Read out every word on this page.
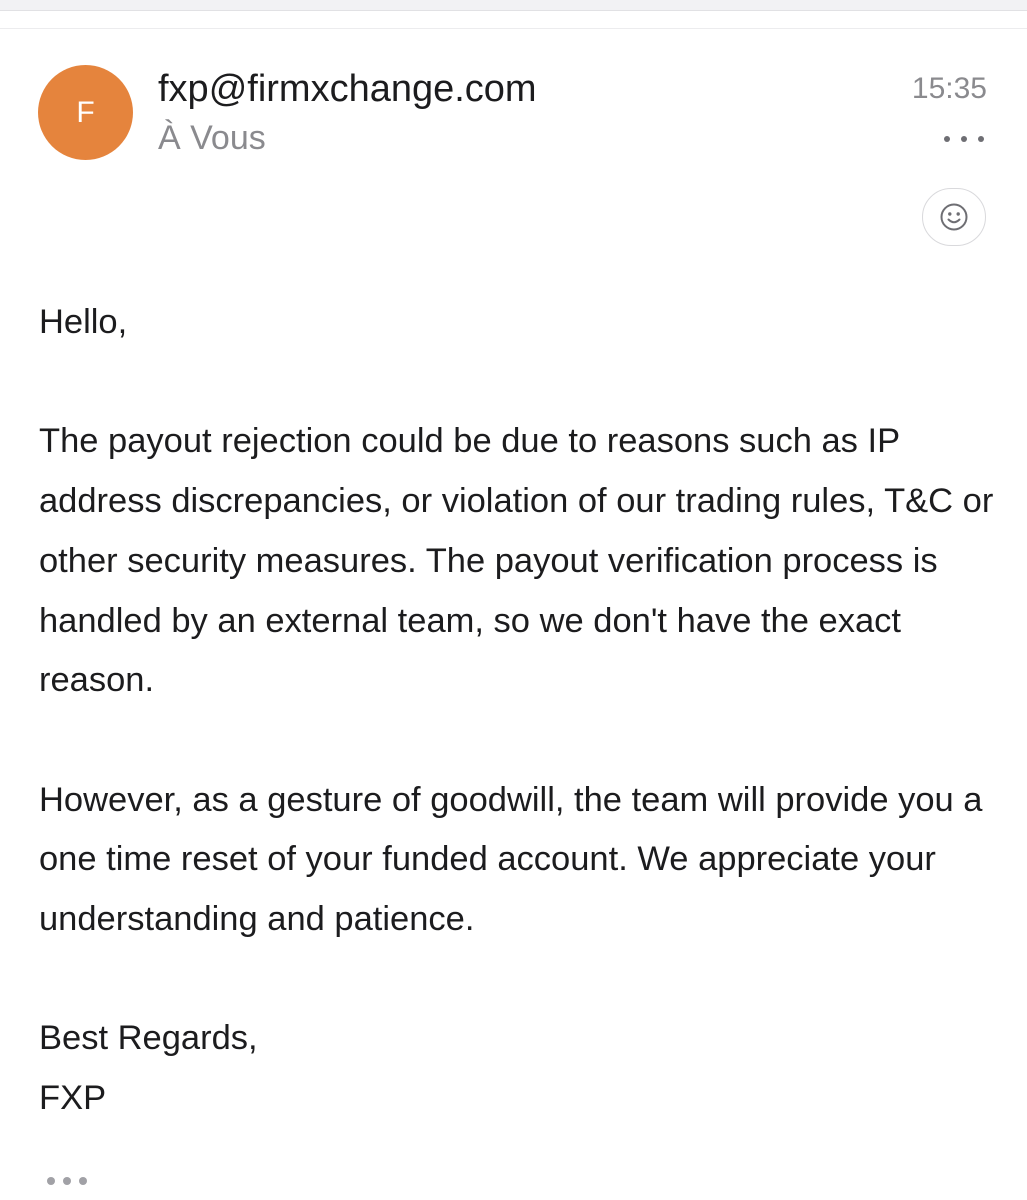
F
fxp@firmxchange.com
À Vous
15:35

Hello,

The payout rejection could be due to reasons such as IP address discrepancies, or violation of our trading rules, T&C or other security measures. The payout verification process is handled by an external team, so we don't have the exact reason.

However, as a gesture of goodwill, the team will provide you a one time reset of your funded account. We appreciate your understanding and patience.

Best Regards,
FXP
